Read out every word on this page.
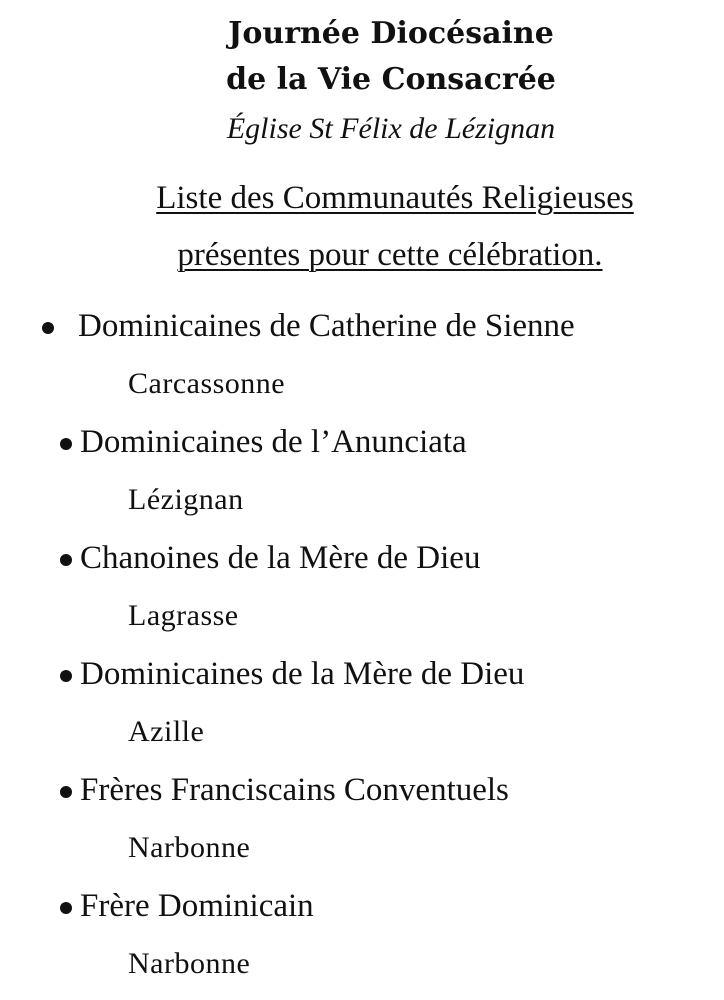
Journée Diocésaine
de la Vie Consacrée
Église St Félix de Lézignan
Liste des Communautés Religieuses
présentes pour cette célébration.
Dominicaines de Catherine de Sienne
Carcassonne
Dominicaines de l’Anunciata
Lézignan
Chanoines de la Mère de Dieu
Lagrasse
Dominicaines de la Mère de Dieu
Azille
Frères Franciscains Conventuels
Narbonne
Frère Dominicain
Narbonne
